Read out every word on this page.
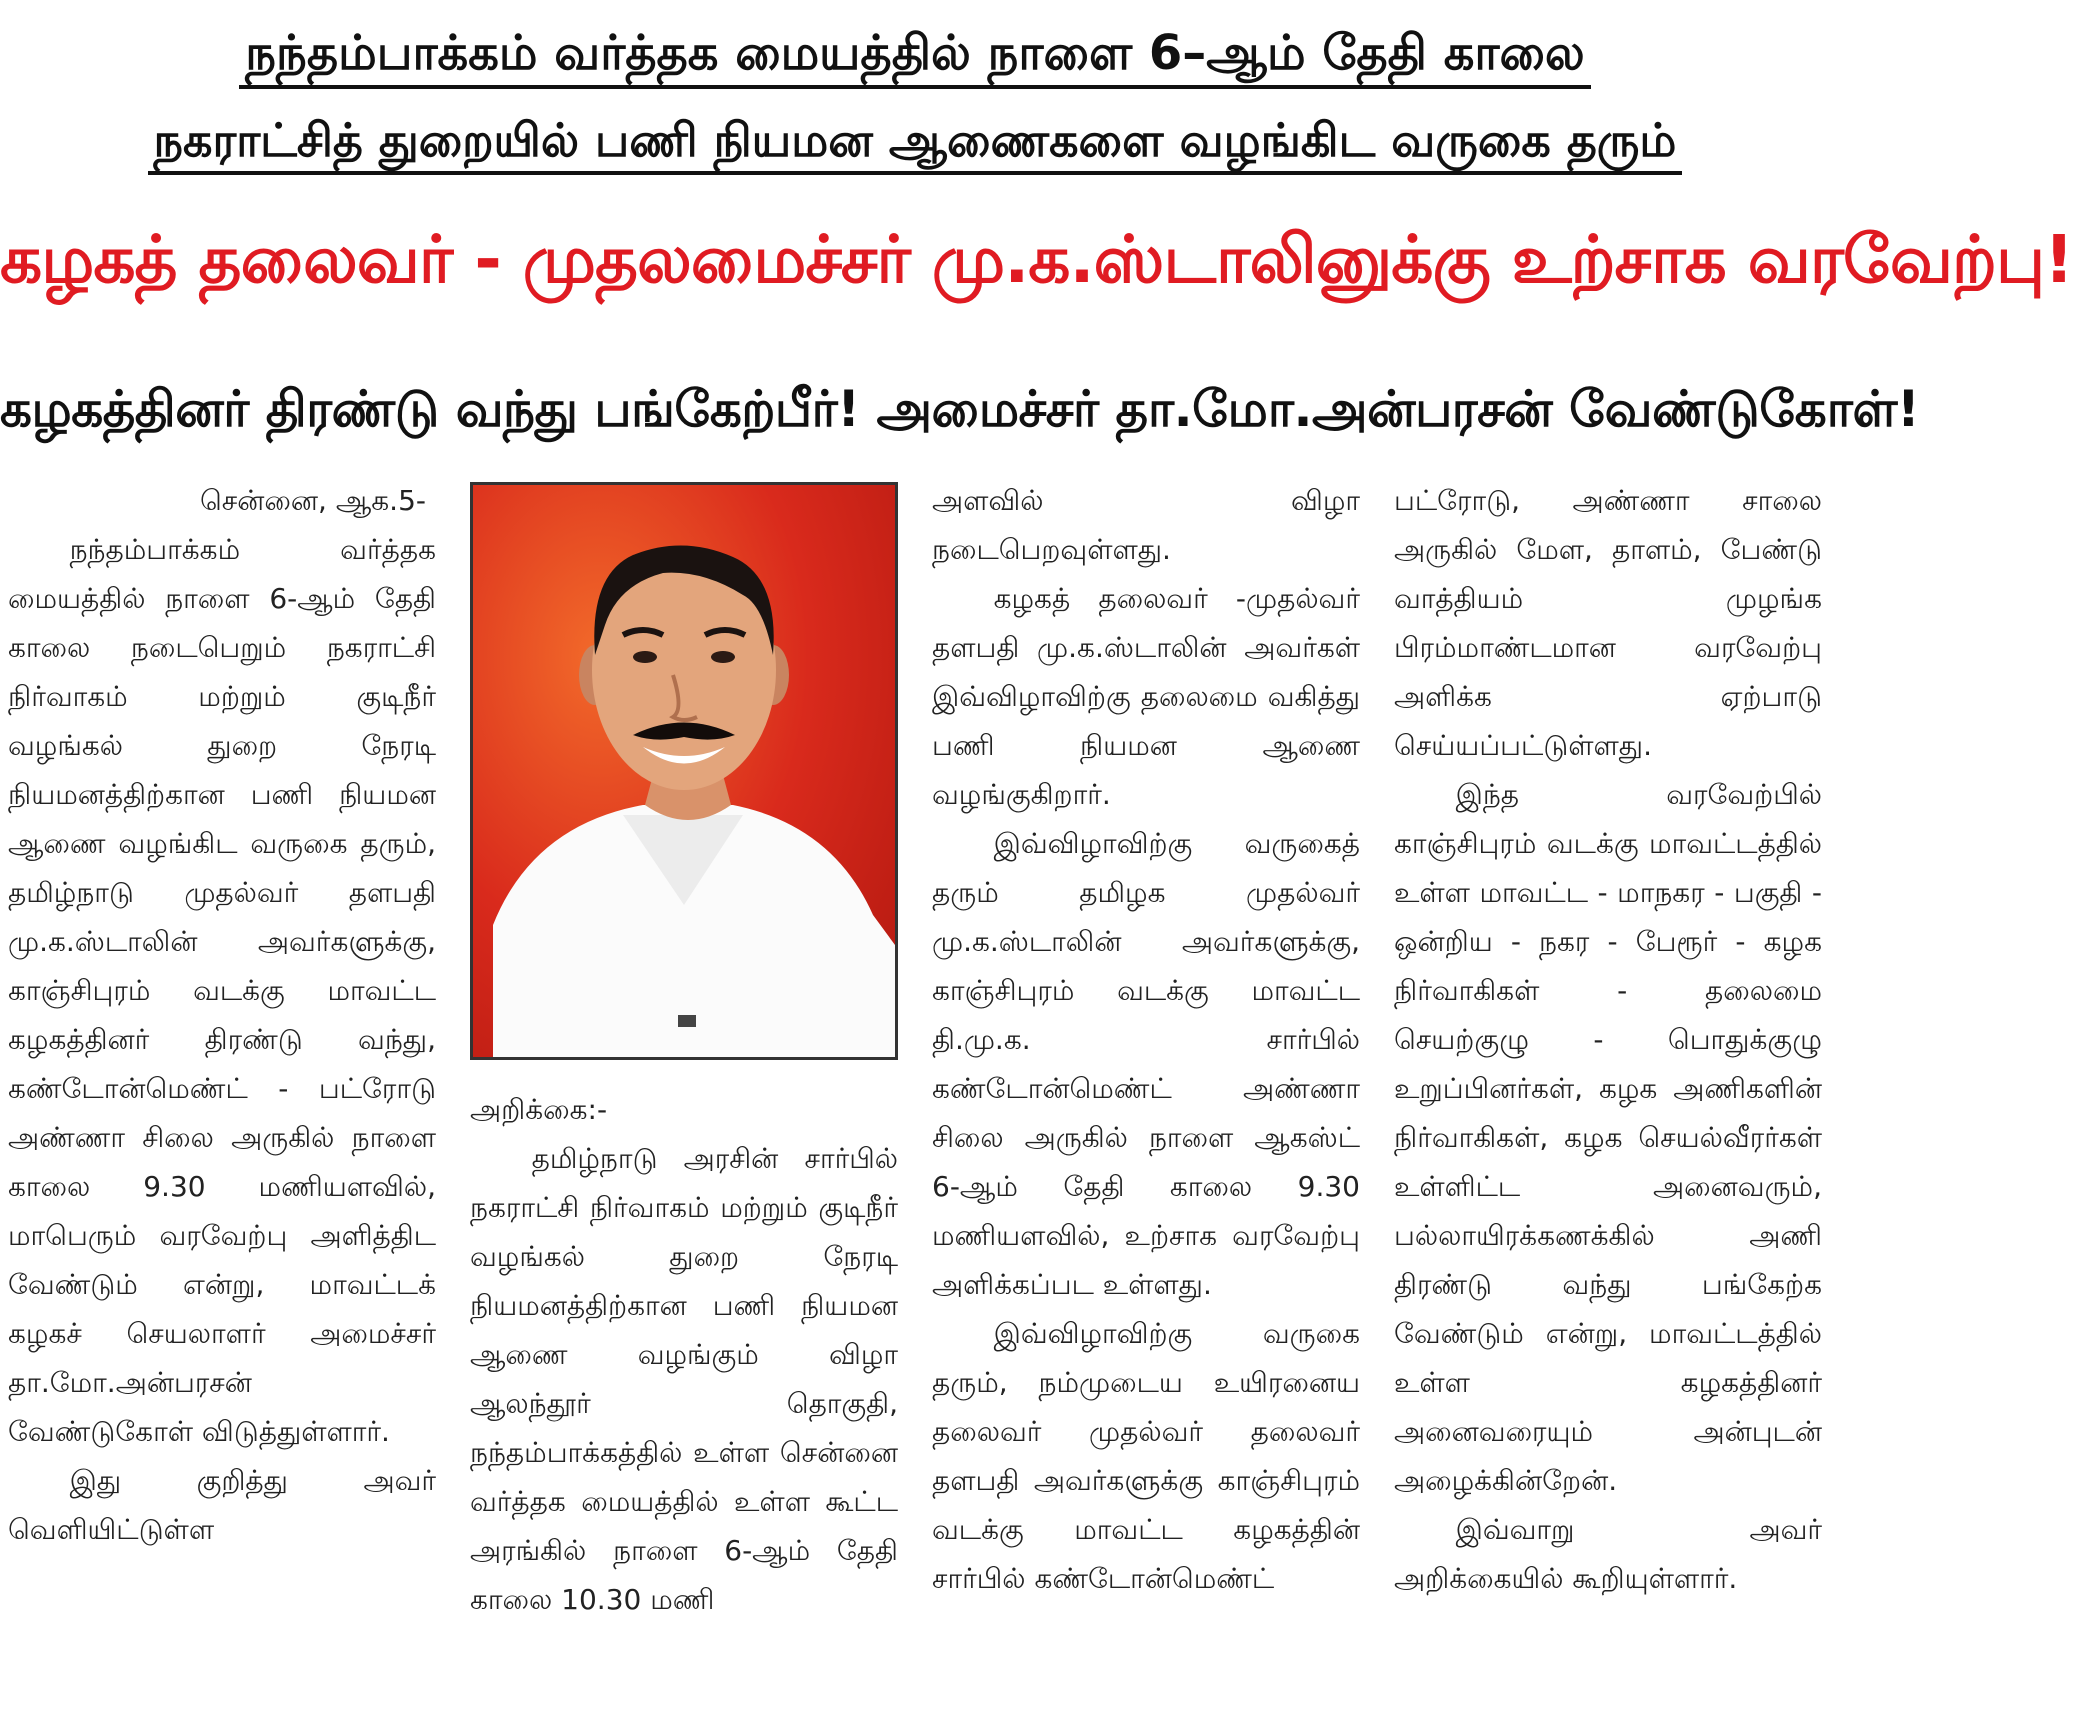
நந்தம்பாக்கம் வர்த்தக மையத்தில் நாளை 6–ஆம் தேதி காலை
நகராட்சித் துறையில் பணி நியமன ஆணைகளை வழங்கிட வருகை தரும்
கழகத் தலைவர் - முதலமைச்சர் மு.க.ஸ்டாலினுக்கு உற்சாக வரவேற்பு!
கழகத்தினர் திரண்டு வந்து பங்கேற்பீர்! அமைச்சர் தா.மோ.அன்பரசன் வேண்டுகோள்!

சென்னை, ஆக.5-

நந்தம்பாக்கம் வர்த்தக மையத்தில் நாளை 6-ஆம் தேதி காலை நடைபெறும் நகராட்சி நிர்வாகம் மற்றும் குடிநீர் வழங்கல் துறை நேரடி நியமனத்திற்கான பணி நியமன ஆணை வழங்கிட வருகை தரும், தமிழ்நாடு முதல்வர் தளபதி மு.க.ஸ்டாலின் அவர்களுக்கு, காஞ்சிபுரம் வடக்கு மாவட்ட கழகத்தினர் திரண்டு வந்து, கண்டோன்மெண்ட் - பட்ரோடு அண்ணா சிலை அருகில் நாளை காலை 9.30 மணியளவில், மாபெரும் வரவேற்பு அளித்திட வேண்டும் என்று, மாவட்டக் கழகச் செயலாளர் அமைச்சர் தா.மோ.அன்பரசன் வேண்டுகோள் விடுத்துள்ளார்.

இது குறித்து அவர் வெளியிட்டுள்ள

அறிக்கை:-

தமிழ்நாடு அரசின் சார்பில் நகராட்சி நிர்வாகம் மற்றும் குடிநீர் வழங்கல் துறை நேரடி நியமனத்திற்கான பணி நியமன ஆணை வழங்கும் விழா ஆலந்தூர் தொகுதி, நந்தம்பாக்கத்தில் உள்ள சென்னை வர்த்தக மையத்தில் உள்ள கூட்ட அரங்கில் நாளை 6-ஆம் தேதி காலை 10.30 மணி

அளவில் விழா நடைபெறவுள்ளது.

கழகத் தலைவர் -முதல்வர் தளபதி மு.க.ஸ்டாலின் அவர்கள் இவ்விழாவிற்கு தலைமை வகித்து பணி நியமன ஆணை வழங்குகிறார்.

இவ்விழாவிற்கு வருகைத் தரும் தமிழக முதல்வர் மு.க.ஸ்டாலின் அவர்களுக்கு, காஞ்சிபுரம் வடக்கு மாவட்ட தி.மு.க. சார்பில் கண்டோன்மெண்ட் அண்ணா சிலை அருகில் நாளை ஆகஸ்ட் 6-ஆம் தேதி காலை 9.30 மணியளவில், உற்சாக வரவேற்பு அளிக்கப்பட உள்ளது.

இவ்விழாவிற்கு வருகை தரும், நம்முடைய உயிரனைய தலைவர் முதல்வர் தலைவர் தளபதி அவர்களுக்கு காஞ்சிபுரம் வடக்கு மாவட்ட கழகத்தின் சார்பில் கண்டோன்மெண்ட்

பட்ரோடு, அண்ணா சாலை அருகில் மேள, தாளம், பேண்டு வாத்தியம் முழங்க பிரம்மாண்டமான வரவேற்பு அளிக்க ஏற்பாடு செய்யப்பட்டுள்ளது.

இந்த வரவேற்பில் காஞ்சிபுரம் வடக்கு மாவட்டத்தில் உள்ள மாவட்ட - மாநகர - பகுதி - ஒன்றிய - நகர - பேரூர் - கழக நிர்வாகிகள் - தலைமை செயற்குழு - பொதுக்குழு உறுப்பினர்கள், கழக அணிகளின் நிர்வாகிகள், கழக செயல்வீரர்கள் உள்ளிட்ட அனைவரும், பல்லாயிரக்கணக்கில் அணி திரண்டு வந்து பங்கேற்க வேண்டும் என்று, மாவட்டத்தில் உள்ள கழகத்தினர் அனைவரையும் அன்புடன் அழைக்கின்றேன்.

இவ்வாறு அவர் அறிக்கையில் கூறியுள்ளார்.
